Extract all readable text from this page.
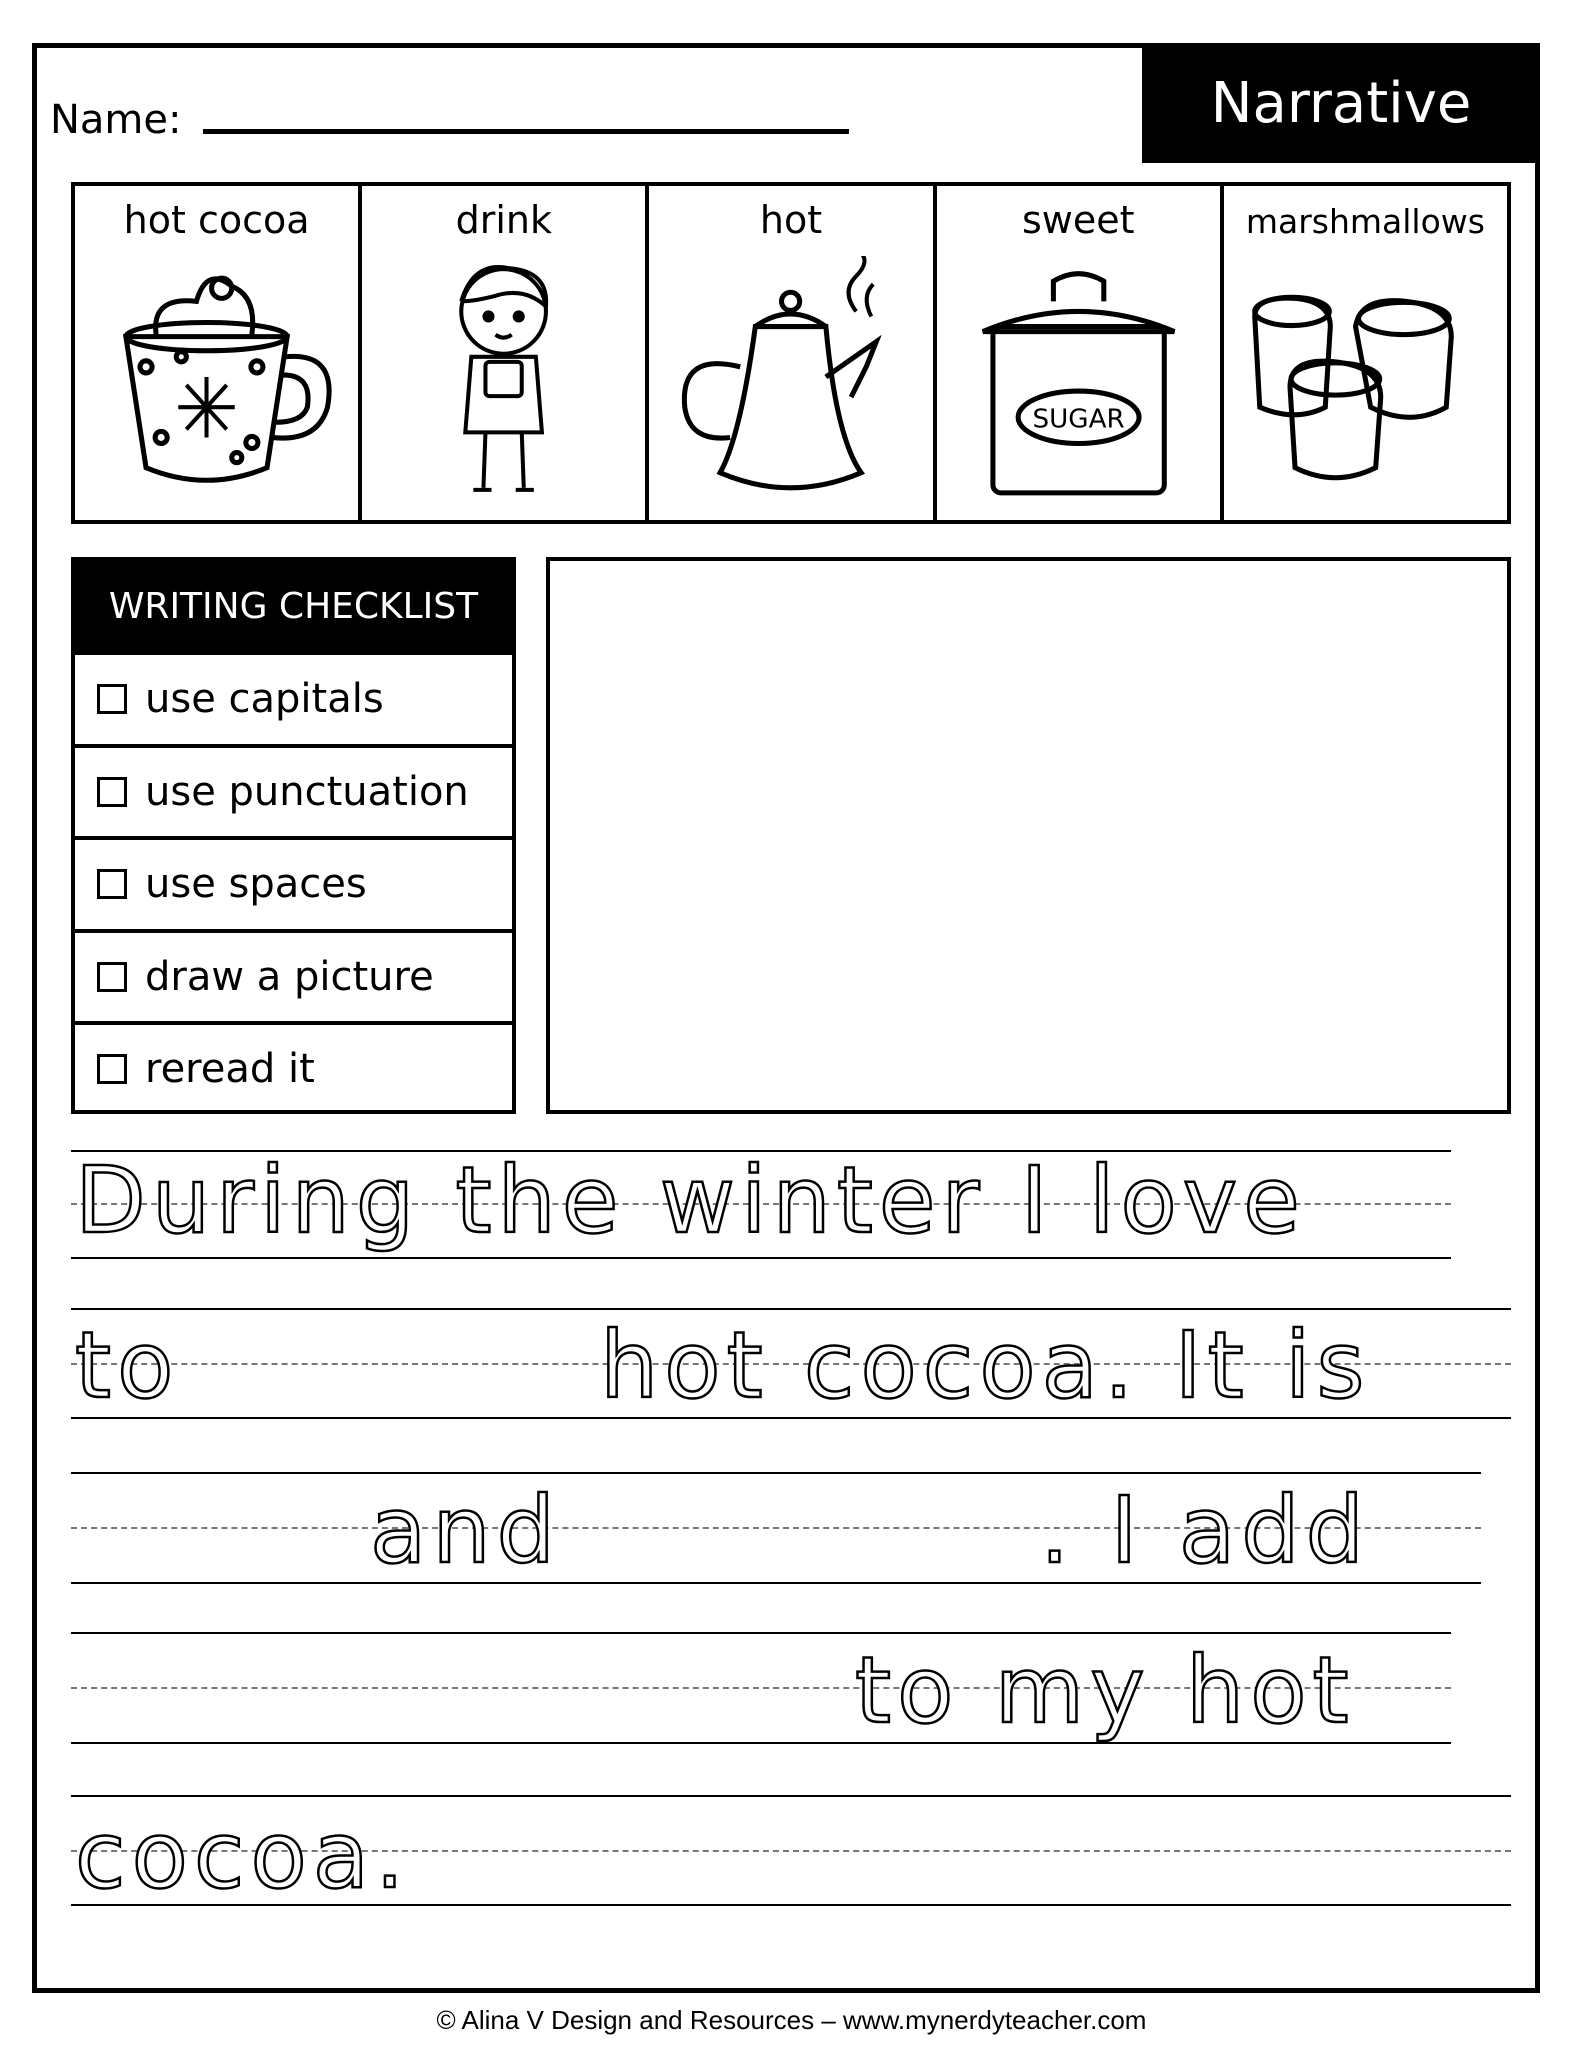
Name:	Narrative
hot cocoa	drink	hot	sweet
SUGAR
marshmallows
WRITING CHECKLIST
use capitals
use punctuation
use spaces
draw a picture
reread it
During the winter I love
to	hot cocoa. It is
and	. I add
to my hot
cocoa.
© Alina V Design and Resources – www.mynerdyteacher.com
